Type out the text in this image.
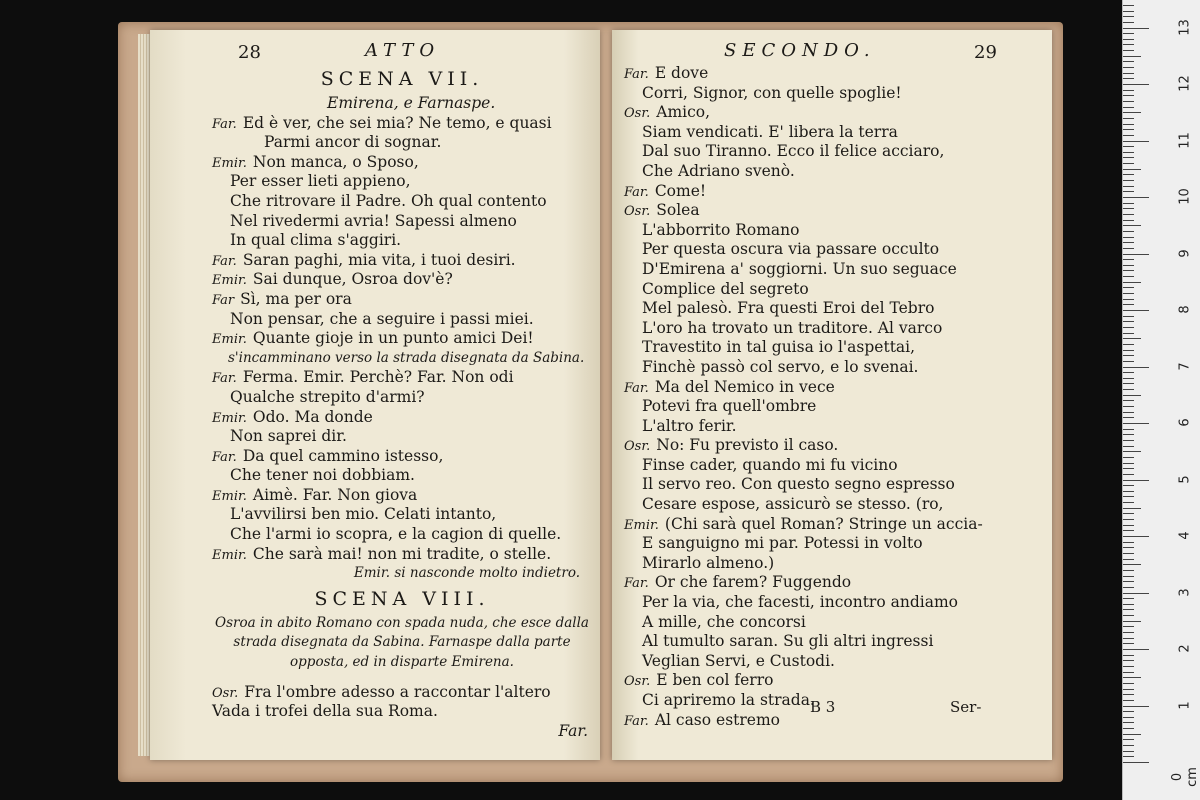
28	ATTO
SCENA VII.
Emirena, e Farnaspe.
Far. Ed è ver, che sei mia? Ne temo, e quasi
Parmi ancor di sognar.
Emir. Non manca, o Sposo,
Per esser lieti appieno,
Che ritrovare il Padre. Oh qual contento
Nel rivedermi avria! Sapessi almeno
In qual clima s'aggiri.
Far. Saran paghi, mia vita, i tuoi desiri.
Emir. Sai dunque, Osroa dov'è?
Far Sì, ma per ora
Non pensar, che a seguire i passi miei.
Emir. Quante gioje in un punto amici Dei!
s'incamminano verso la strada disegnata da Sabina.
Far. Ferma. Emir. Perchè? Far. Non odi
Qualche strepito d'armi?
Emir. Odo. Ma donde
Non saprei dir.
Far. Da quel cammino istesso,
Che tener noi dobbiam.
Emir. Aimè. Far. Non giova
L'avvilirsi ben mio. Celati intanto,
Che l'armi io scopra, e la cagion di quelle.
Emir. Che sarà mai! non mi tradite, o stelle.
Emir. si nasconde molto indietro.
SCENA VIII.
Osroa in abito Romano con spada nuda, che esce dalla
strada disegnata da Sabina. Farnaspe dalla parte
opposta, ed in disparte Emirena.
Osr. Fra l'ombre adesso a raccontar l'altero
Vada i trofei della sua Roma.
Far.
SECONDO.	29
Far. E dove
Corri, Signor, con quelle spoglie!
Osr. Amico,
Siam vendicati. E' libera la terra
Dal suo Tiranno. Ecco il felice acciaro,
Che Adriano svenò.
Far. Come!
Osr. Solea
L'abborrito Romano
Per questa oscura via passare occulto
D'Emirena a' soggiorni. Un suo seguace
Complice del segreto
Mel palesò. Fra questi Eroi del Tebro
L'oro ha trovato un traditore. Al varco
Travestito in tal guisa io l'aspettai,
Finchè passò col servo, e lo svenai.
Far. Ma del Nemico in vece
Potevi fra quell'ombre
L'altro ferir.
Osr. No: Fu previsto il caso.
Finse cader, quando mi fu vicino
Il servo reo. Con questo segno espresso
Cesare espose, assicurò se stesso. (ro,
Emir. (Chi sarà quel Roman? Stringe un accia-
E sanguigno mi par. Potessi in volto
Mirarlo almeno.)
Far. Or che farem? Fuggendo
Per la via, che facesti, incontro andiamo
A mille, che concorsi
Al tumulto saran. Su gli altri ingressi
Veglian Servi, e Custodi.
Osr. E ben col ferro
Ci apriremo la strada.
Far. Al caso estremo
B 3	Ser-	1
2
3
4
5
6
7
8
9
10
11
12
13
0 cm
